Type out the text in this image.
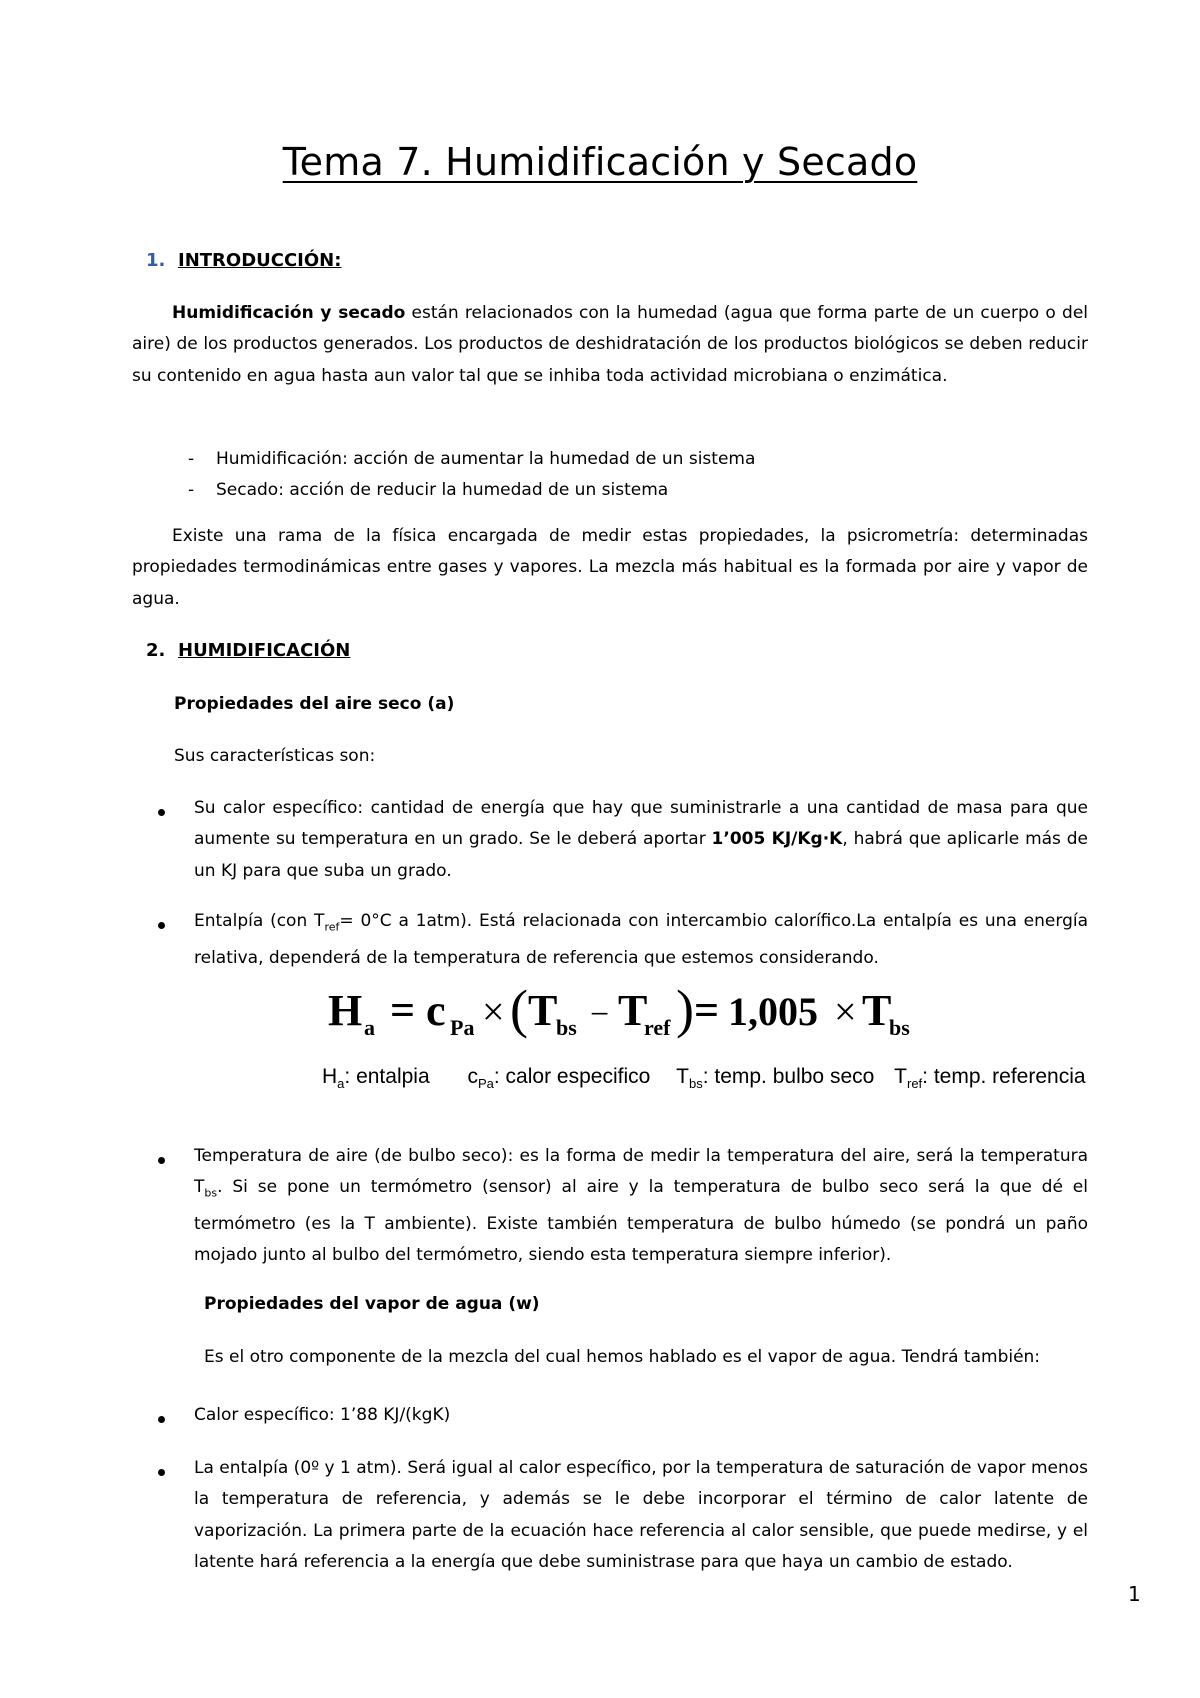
Tema 7. Humidificación y Secado
1. INTRODUCCIÓN:
Humidificación y secado están relacionados con la humedad (agua que forma parte de un cuerpo o del aire) de los productos generados. Los productos de deshidratación de los productos biológicos se deben reducir su contenido en agua hasta aun valor tal que se inhiba toda actividad microbiana o enzimática.
- Humidificación: acción de aumentar la humedad de un sistema
- Secado: acción de reducir la humedad de un sistema
Existe una rama de la física encargada de medir estas propiedades, la psicrometría: determinadas propiedades termodinámicas entre gases y vapores. La mezcla más habitual es la formada por aire y vapor de agua.
2. HUMIDIFICACIÓN
Propiedades del aire seco (a)
Sus características son:
Su calor específico: cantidad de energía que hay que suministrarle a una cantidad de masa para que aumente su temperatura en un grado. Se le deberá aportar 1’005 KJ/Kg·K, habrá que aplicarle más de un KJ para que suba un grado.
Entalpía (con $T_{ref}= 0^\circ C$ a 1atm). Está relacionada con intercambio calorífico.La entalpía es una energía relativa, dependerá de la temperatura de referencia que estemos considerando.
H a = c Pa × ( T
bs − T
ref ) = 1,005 × T
bs
$H_a$: entalpia $c_{Pa}$: calor especifico $T_{bs}$: temp. bulbo seco $T_{ref}$: temp. referencia
Temperatura de aire (de bulbo seco): es la forma de medir la temperatura del aire, será la temperatura $T_{bs}$. Si se pone un termómetro (sensor) al aire y la temperatura de bulbo seco será la que dé el termómetro (es la T ambiente). Existe también temperatura de bulbo húmedo (se pondrá un paño mojado junto al bulbo del termómetro, siendo esta temperatura siempre inferior).
Propiedades del vapor de agua (w)
Es el otro componente de la mezcla del cual hemos hablado es el vapor de agua. Tendrá también:
Calor específico: 1’88 KJ/(kgK)
La entalpía (0º y 1 atm). Será igual al calor específico, por la temperatura de saturación de vapor menos la temperatura de referencia, y además se le debe incorporar el término de calor latente de vaporización. La primera parte de la ecuación hace referencia al calor sensible, que puede medirse, y el latente hará referencia a la energía que debe suministrase para que haya un cambio de estado.
1
